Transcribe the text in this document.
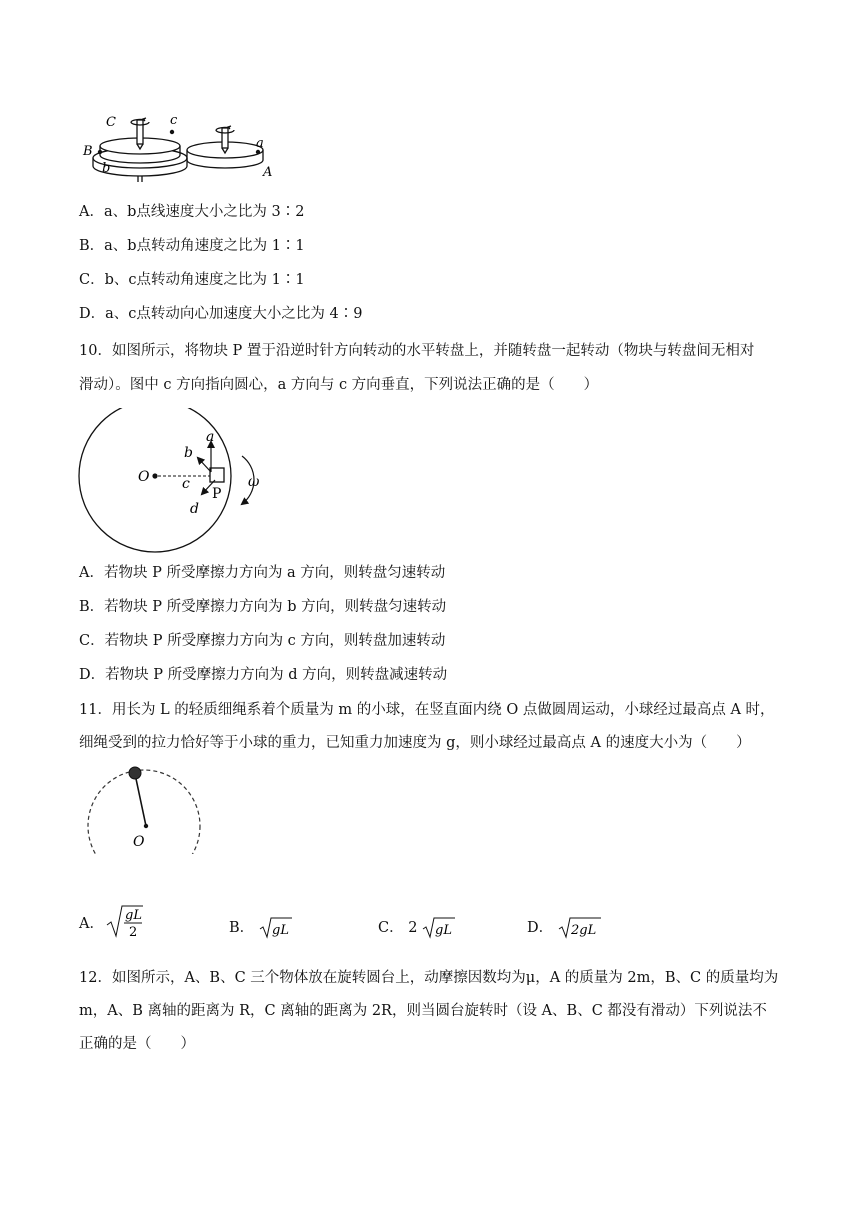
C	c
B
b
a
A
A．a、b点线速度大小之比为 3∶2
B．a、b点转动角速度之比为 1∶1
C．b、c点转动角速度之比为 1∶1
D．a、c点转动向心加速度大小之比为 4∶9
10．如图所示，将物块 P 置于沿逆时针方向转动的水平转盘上，并随转盘一起转动（物块与转盘间无相对
滑动）。图中 c 方向指向圆心，a 方向与 c 方向垂直，下列说法正确的是（　　）
O
a
b
c
d
P
ω
A．若物块 P 所受摩擦力方向为 a 方向，则转盘匀速转动
B．若物块 P 所受摩擦力方向为 b 方向，则转盘匀速转动
C．若物块 P 所受摩擦力方向为 c 方向，则转盘加速转动
D．若物块 P 所受摩擦力方向为 d 方向，则转盘减速转动
11．用长为 L 的轻质细绳系着个质量为 m 的小球，在竖直面内绕 O 点做圆周运动，小球经过最高点 A 时，
细绳受到的拉力恰好等于小球的重力，已知重力加速度为 g，则小球经过最高点 A 的速度大小为（　　）
O
A．
gL
2	B． gL	C． 2 gL	D． 2gL
12．如图所示，A、B、C 三个物体放在旋转圆台上，动摩擦因数均为μ，A 的质量为 2m，B、C 的质量均为
m，A、B 离轴的距离为 R，C 离轴的距离为 2R，则当圆台旋转时（设 A、B、C 都没有滑动）下列说法不
正确的是（　　）
